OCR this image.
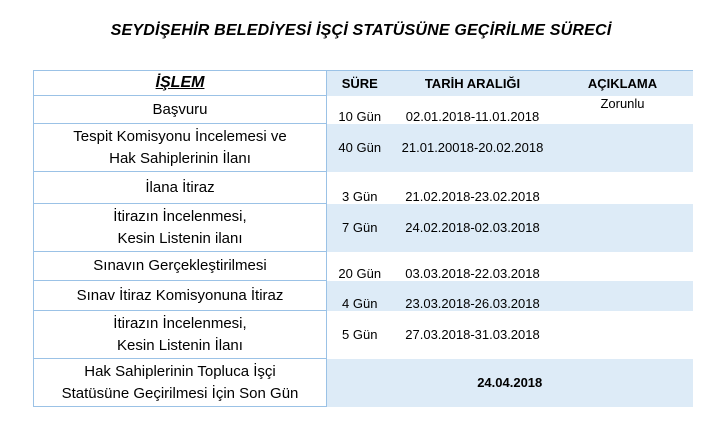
SEYDİŞEHİR BELEDİYESİ İŞÇİ STATÜSÜNE GEÇİRİLME SÜRECİ
İŞLEM	SÜRE	TARİH ARALIĞI	AÇIKLAMA
Başvuru	10 Gün	02.01.2018-11.01.2018	Zorunlu
Tespit Komisyonu İncelemesi ve
Hak Sahiplerinin İlanı	40 Gün	21.01.20018-20.02.2018	
İlana İtiraz	3 Gün	21.02.2018-23.02.2018	
İtirazın İncelenmesi,
Kesin Listenin ilanı	7 Gün	24.02.2018-02.03.2018	
Sınavın Gerçekleştirilmesi	20 Gün	03.03.2018-22.03.2018	
Sınav İtiraz Komisyonuna İtiraz	4 Gün	23.03.2018-26.03.2018	
İtirazın İncelenmesi,
Kesin Listenin İlanı	5 Gün	27.03.2018-31.03.2018	
Hak Sahiplerinin Topluca İşçi
Statüsüne Geçirilmesi İçin Son Gün	24.04.2018		
